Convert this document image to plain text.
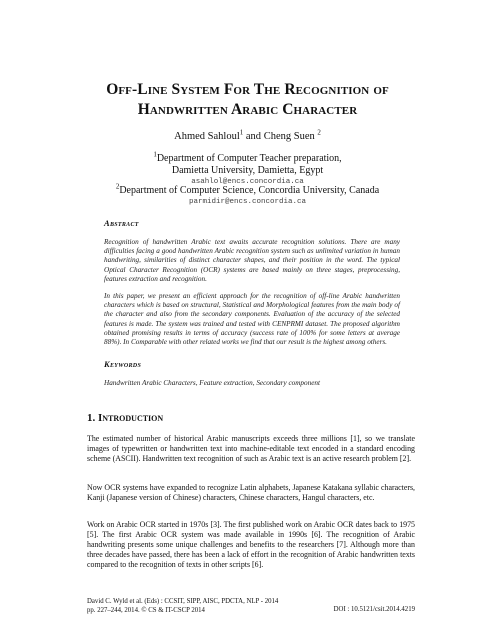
Off-Line System For The Recognition of
Handwritten Arabic Character
Ahmed Sahloul$^1$ and Cheng Suen $^2$
$^1$Department of Computer Teacher preparation,
Damietta University, Damietta, Egypt
asahlol@encs.concordia.ca
$^2$Department of Computer Science, Concordia University, Canada
parmidir@encs.concordia.ca
Abstract

Recognition of handwritten Arabic text awaits accurate recognition solutions. There are many difficulties facing a good handwritten Arabic recognition system such as unlimited variation in human handwriting, similarities of distinct character shapes, and their position in the word. The typical Optical Character Recognition (OCR) systems are based mainly on three stages, preprocessing, features extraction and recognition.

In this paper, we present an efficient approach for the recognition of off-line Arabic handwritten characters which is based on structural, Statistical and Morphological features from the main body of the character and also from the secondary components. Evaluation of the accuracy of the selected features is made. The system was trained and tested with CENPRMI dataset. The proposed algorithm obtained promising results in terms of accuracy (success rate of 100% for some letters at average 88%). In Comparable with other related works we find that our result is the highest among others.

Keywords
Handwritten Arabic Characters, Feature extraction, Secondary component
1. Introduction

The estimated number of historical Arabic manuscripts exceeds three millions [1], so we translate images of typewritten or handwritten text into machine-editable text encoded in a standard encoding scheme (ASCII). Handwritten text recognition of such as Arabic text is an active research problem [2].

Now OCR systems have expanded to recognize Latin alphabets, Japanese Katakana syllabic characters, Kanji (Japanese version of Chinese) characters, Chinese characters, Hangul characters, etc.

Work on Arabic OCR started in 1970s [3]. The first published work on Arabic OCR dates back to 1975 [5]. The first Arabic OCR system was made available in 1990s [6]. The recognition of Arabic handwriting presents some unique challenges and benefits to the researchers [7]. Although more than three decades have passed, there has been a lack of effort in the recognition of Arabic handwritten texts compared to the recognition of texts in other scripts [6].

David C. Wyld et al. (Eds) : CCSIT, SIPP, AISC, PDCTA, NLP - 2014
pp. 227–244, 2014. © CS & IT-CSCP 2014	DOI : 10.5121/csit.2014.4219
